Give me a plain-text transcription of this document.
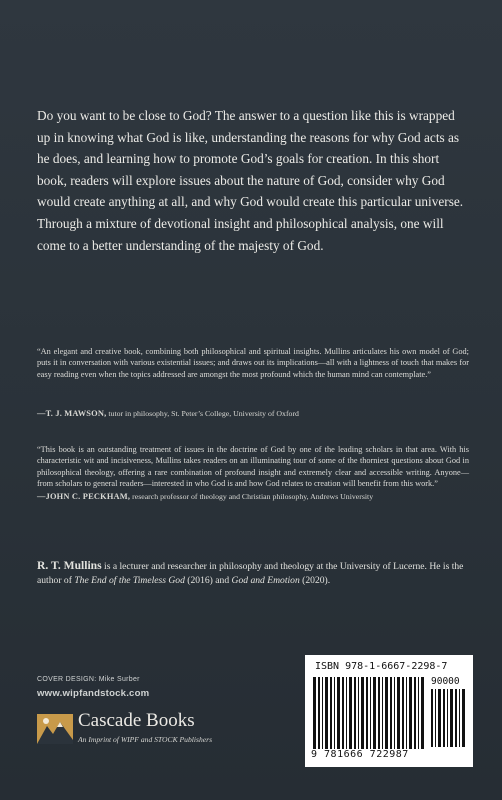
Do you want to be close to God? The answer to a question like this is wrapped up in knowing what God is like, understanding the reasons for why God acts as he does, and learning how to promote God’s goals for creation. In this short book, readers will explore issues about the nature of God, consider why God would create anything at all, and why God would create this particular universe. Through a mixture of devotional insight and philosophical analysis, one will come to a better understanding of the majesty of God.

“An elegant and creative book, combining both philosophical and spiritual insights. Mullins articulates his own model of God; puts it in conversation with various existential issues; and draws out its implications—all with a lightness of touch that makes for easy reading even when the topics addressed are amongst the most profound which the human mind can contemplate.”

—T. J. MAWSON, tutor in philosophy, St. Peter’s College, University of Oxford

“This book is an outstanding treatment of issues in the doctrine of God by one of the leading scholars in that area. With his characteristic wit and incisiveness, Mullins takes readers on an illuminating tour of some of the thorniest questions about God in philosophical theology, offering a rare combination of profound insight and extremely clear and accessible writing. Anyone—from scholars to general readers—interested in who God is and how God relates to creation will benefit from this work.”

—JOHN C. PECKHAM, research professor of theology and Christian philosophy, Andrews University

R. T. Mullins is a lecturer and researcher in philosophy and theology at the University of Lucerne. He is the author of The End of the Timeless God (2016) and God and Emotion (2020).

COVER DESIGN: Mike Surber

www.wipfandstock.com

Cascade Books

An Imprint of WIPF and STOCK Publishers

ISBN 978-1-6667-2298-7

90000

9 781666 722987
